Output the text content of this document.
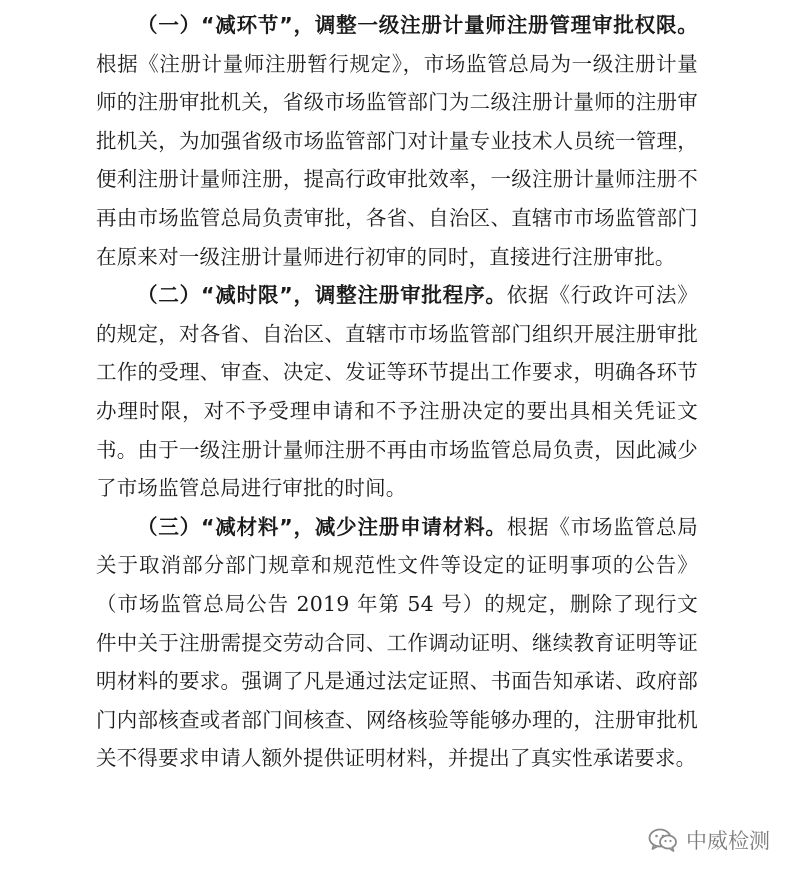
（一）“减环节”，调整一级注册计量师注册管理审批权限。根据《注册计量师注册暂行规定》，市场监管总局为一级注册计量师的注册审批机关，省级市场监管部门为二级注册计量师的注册审批机关，为加强省级市场监管部门对计量专业技术人员统一管理，便利注册计量师注册，提高行政审批效率，一级注册计量师注册不再由市场监管总局负责审批，各省、自治区、直辖市市场监管部门在原来对一级注册计量师进行初审的同时，直接进行注册审批。

（二）“减时限”，调整注册审批程序。依据《行政许可法》的规定，对各省、自治区、直辖市市场监管部门组织开展注册审批工作的受理、审查、决定、发证等环节提出工作要求，明确各环节办理时限，对不予受理申请和不予注册决定的要出具相关凭证文书。由于一级注册计量师注册不再由市场监管总局负责，因此减少了市场监管总局进行审批的时间。

（三）“减材料”，减少注册申请材料。根据《市场监管总局关于取消部分部门规章和规范性文件等设定的证明事项的公告》（市场监管总局公告 2019 年第 54 号）的规定，删除了现行文件中关于注册需提交劳动合同、工作调动证明、继续教育证明等证明材料的要求。强调了凡是通过法定证照、书面告知承诺、政府部门内部核查或者部门间核查、网络核验等能够办理的，注册审批机关不得要求申请人额外提供证明材料，并提出了真实性承诺要求。

中威检测
